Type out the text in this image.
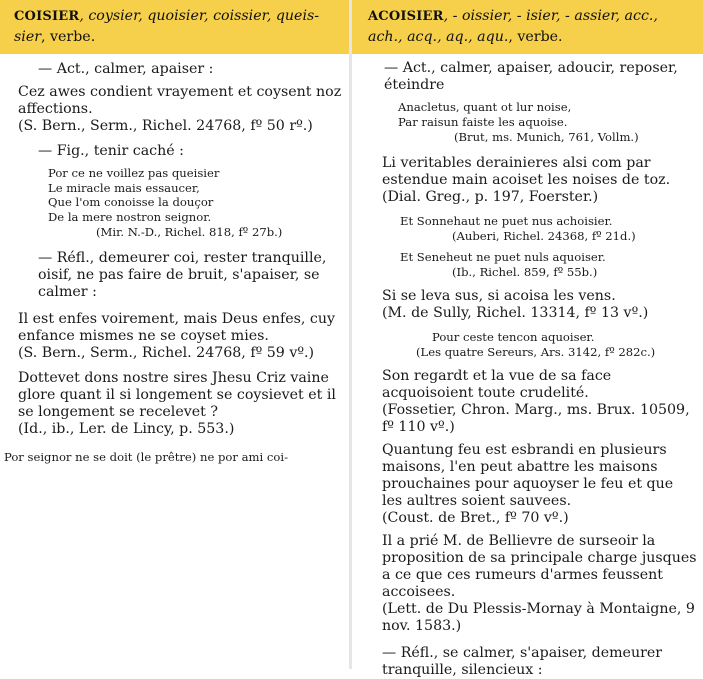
COISIER, coysier, quoisier, coissier, queis-sier, verbe.

— Act., calmer, apaiser :

Cez awes condient vrayement et coysent noz affections.

(S. Bern., Serm., Richel. 24768, fº 50 rº.)

— Fig., tenir caché :

Por ce ne voillez pas queisier

Le miracle mais essaucer,

Que l'om conoisse la douçor

De la mere nostron seignor.

(Mir. N.-D., Richel. 818, fº 27b.)

— Réfl., demeurer coi, rester tranquille, oisif, ne pas faire de bruit, s'apaiser, se calmer :

Il est enfes voirement, mais Deus enfes, cuy enfance mismes ne se coyset mies.

(S. Bern., Serm., Richel. 24768, fº 59 vº.)

Dottevet dons nostre sires Jhesu Criz vaine glore quant il si longement se coysievet et il se longement se recelevet ?

(Id., ib., Ler. de Lincy, p. 553.)

Por seignor ne se doit (le prêtre) ne por ami coi-

ACOISIER, - oissier, - isier, - assier, acc., ach., acq., aq., aqu., verbe.

— Act., calmer, apaiser, adoucir, reposer, éteindre

Anacletus, quant ot lur noise,

Par raisun faiste les aquoise.

(Brut, ms. Munich, 761, Vollm.)

Li veritables derainieres alsi com par estendue main acoiset les noises de toz.

(Dial. Greg., p. 197, Foerster.)

Et Sonnehaut ne puet nus achoisier.

(Auberi, Richel. 24368, fº 21d.)

Et Seneheut ne puet nuls aquoiser.

(Ib., Richel. 859, fº 55b.)

Si se leva sus, si acoisa les vens.

(M. de Sully, Richel. 13314, fº 13 vº.)

Pour ceste tencon aquoiser.

(Les quatre Sereurs, Ars. 3142, fº 282c.)

Son regardt et la vue de sa face acquoisoient toute crudelité.

(Fossetier, Chron. Marg., ms. Brux. 10509, fº 110 vº.)

Quantung feu est esbrandi en plusieurs maisons, l'en peut abattre les maisons prouchaines pour aquoyser le feu et que les aultres soient sauvees.

(Coust. de Bret., fº 70 vº.)

Il a prié M. de Bellievre de surseoir la proposition de sa principale charge jusques a ce que ces rumeurs d'armes feussent accoisees.

(Lett. de Du Plessis-Mornay à Montaigne, 9 nov. 1583.)

— Réfl., se calmer, s'apaiser, demeurer tranquille, silencieux :
